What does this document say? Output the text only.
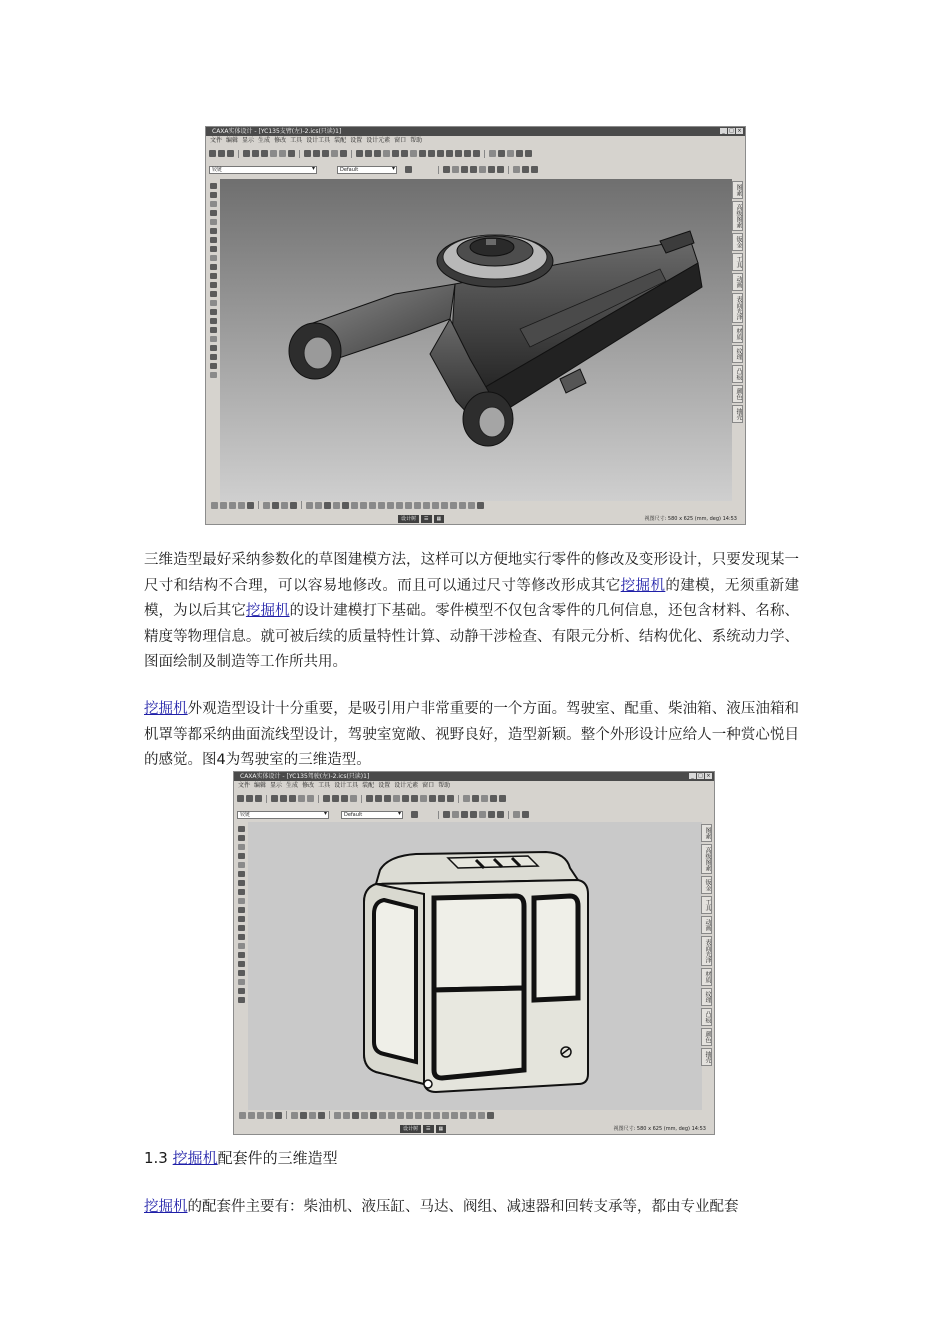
CAXA实体设计 - [YC135支臂(左)-2.ics(只读)1]	_ □ ×
文件 编辑 显示 生成 修改 工具 设计工具 装配 设置 设计元素 窗口 帮助
铰链 ▾	Default ▾
图素
高级图素
钣金
工具
动画
表面光泽
材质
纹理
凸痕
颜色
抽壳
设计树	☰	▦	视图尺寸: 580 x 625 (mm, deg) 14:53

三维造型最好采纳参数化的草图建模方法，这样可以方便地实行零件的修改及变形设计，只要发现某一尺寸和结构不合理，可以容易地修改。而且可以通过尺寸等修改形成其它挖掘机的建模，无须重新建模，为以后其它挖掘机的设计建模打下基础。零件模型不仅包含零件的几何信息，还包含材料、名称、精度等物理信息。就可被后续的质量特性计算、动静干涉检查、有限元分析、结构优化、系统动力学、图面绘制及制造等工作所共用。

挖掘机外观造型设计十分重要，是吸引用户非常重要的一个方面。驾驶室、配重、柴油箱、液压油箱和机罩等都采纳曲面流线型设计，驾驶室宽敞、视野良好，造型新颖。整个外形设计应给人一种赏心悦目的感觉。图4为驾驶室的三维造型。

CAXA实体设计 - [YC135驾驶(左)-2.ics(只读)1]	_ □ ×
文件 编辑 显示 生成 修改 工具 设计工具 装配 设置 设计元素 窗口 帮助
铰链 ▾	Default ▾
图素
高级图素
钣金
工具
动画
表面光泽
材质
纹理
凸痕
颜色
抽壳
设计树	☰	▦	视图尺寸: 580 x 625 (mm, deg) 14:53
1.3 挖掘机配套件的三维造型

挖掘机的配套件主要有：柴油机、液压缸、马达、阀组、减速器和回转支承等，都由专业配套
